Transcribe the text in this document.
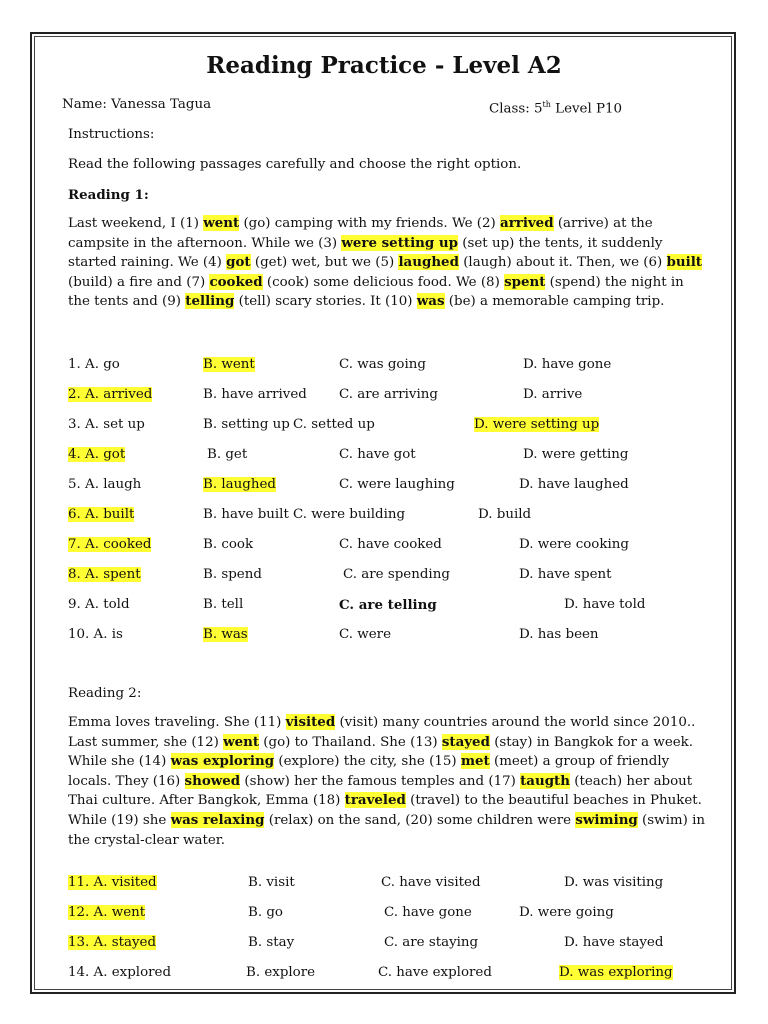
Reading Practice - Level A2
Name: Vanessa Tagua	Class: 5th Level P10
Instructions:
Read the following passages carefully and choose the right option.
Reading 1:
Last weekend, I (1) went (go) camping with my friends. We (2) arrived (arrive) at the campsite in the afternoon. While we (3) were setting up (set up) the tents, it suddenly started raining. We (4) got (get) wet, but we (5) laughed (laugh) about it. Then, we (6) built (build) a fire and (7) cooked (cook) some delicious food. We (8) spent (spend) the night in the tents and (9) telling (tell) scary stories. It (10) was (be) a memorable camping trip.
1. A. go	B. went	C. was going	D. have gone
2. A. arrived	B. have arrived C. are arriving	D. arrive
3. A. set up	B. setting up C. setted up	D. were setting up
4. A. got	B. get	C. have got	D. were getting
5. A. laugh	B. laughed	C. were laughing	D. have laughed
6. A. built	B. have built C. were building	D. build
7. A. cooked	B. cook	C. have cooked	D. were cooking
8. A. spent	B. spend	C. are spending	D. have spent
9. A. told	B. tell	C. are telling	D. have told
10. A. is	B. was	C. were	D. has been
Reading 2:
Emma loves traveling. She (11) visited (visit) many countries around the world since 2010.. Last summer, she (12) went (go) to Thailand. She (13) stayed (stay) in Bangkok for a week. While she (14) was exploring (explore) the city, she (15) met (meet) a group of friendly locals. They (16) showed (show) her the famous temples and (17) taugth (teach) her about Thai culture. After Bangkok, Emma (18) traveled (travel) to the beautiful beaches in Phuket. While (19) she was relaxing (relax) on the sand, (20) some children were swiming (swim) in the crystal-clear water.
11. A. visited	B. visit	C. have visited	D. was visiting
12. A. went	B. go	C. have gone	D. were going
13. A. stayed	B. stay	C. are staying	D. have stayed
14. A. explored	B. explore	C. have explored	D. was exploring
